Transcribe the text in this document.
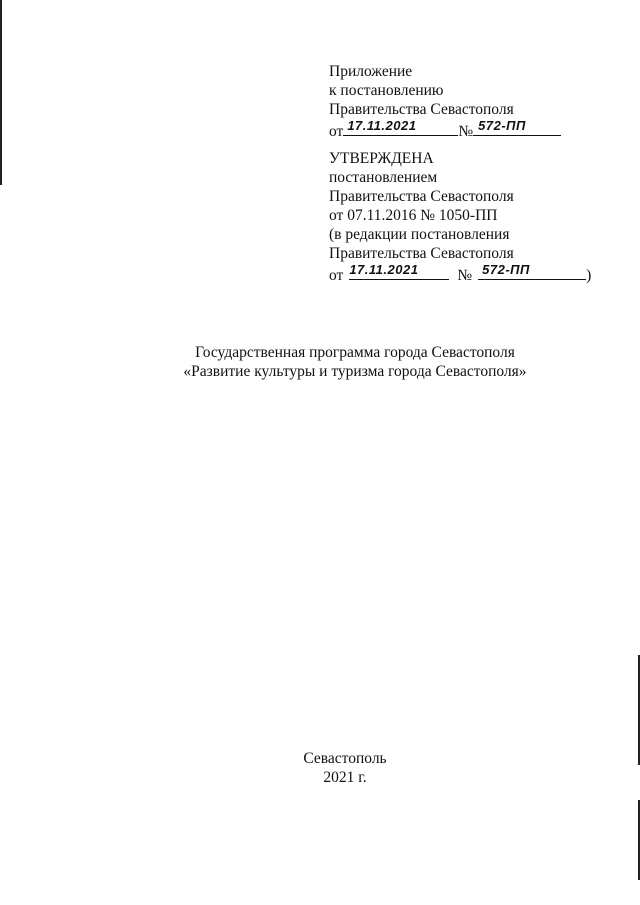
Приложение
к постановлению
Правительства Севастополя
от 17.11.2021	№ 572-ПП
УТВЕРЖДЕНА
постановлением
Правительства Севастополя
от 07.11.2016 № 1050-ПП
(в редакции постановления
Правительства Севастополя
от 17.11.2021	№ 572-ПП	)
Государственная программа города Севастополя
«Развитие культуры и туризма города Севастополя»
Севастополь
2021 г.
